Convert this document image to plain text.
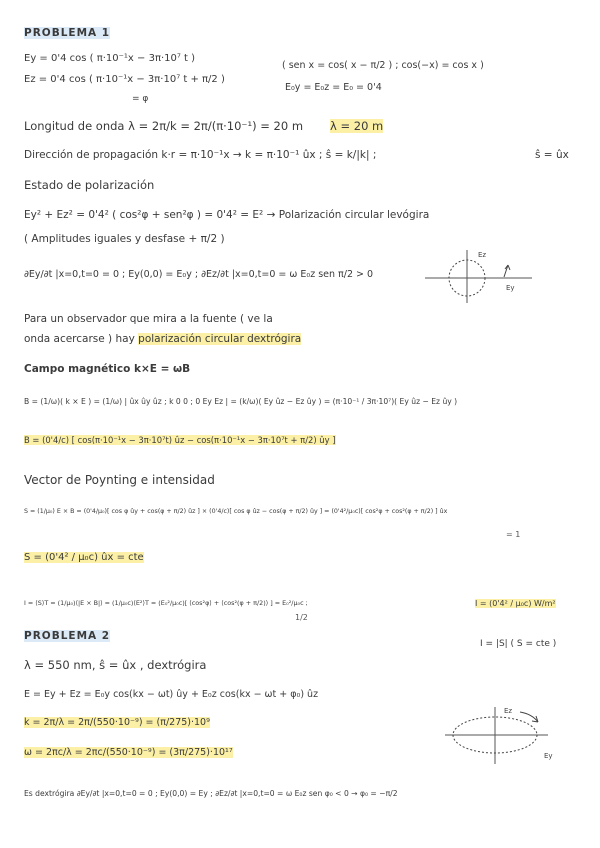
PROBLEMA 1
Ey = 0'4 cos ( π·10⁻¹x − 3π·10⁷ t )
Ez = 0'4 cos ( π·10⁻¹x − 3π·10⁷ t + π/2 )
= φ
( sen x = cos( x − π/2 ) ; cos(−x) = cos x )
E₀y = E₀z = E₀ = 0'4
Longitud de onda λ = 2π/k = 2π/(π·10⁻¹) = 20 m λ = 20 m
Dirección de propagación k·r = π·10⁻¹x → k = π·10⁻¹ ûx ; ŝ = k/|k| ;	ŝ = ûx
Estado de polarización
Ey² + Ez² = 0'4² ( cos²φ + sen²φ ) = 0'4² = E² → Polarización circular levógira
( Amplitudes iguales y desfase + π/2 )
∂Ey/∂t |x=0,t=0 = 0 ; Ey(0,0) = E₀y ; ∂Ez/∂t |x=0,t=0 = ω E₀z sen π/2 > 0
Ez
Ey
Para un observador que mira a la fuente ( ve la
onda acercarse ) hay polarización circular dextrógira
Campo magnético k×E = ωB
B = (1/ω)( k × E ) = (1/ω) | ûx ûy ûz ; k 0 0 ; 0 Ey Ez | = (k/ω)( Ey ûz − Ez ûy ) = (π·10⁻¹ / 3π·10⁷)( Ey ûz − Ez ûy )
B = (0'4/c) [ cos(π·10⁻¹x − 3π·10⁷t) ûz − cos(π·10⁻¹x − 3π·10⁷t + π/2) ûy ]
Vector de Poynting e intensidad
S = (1/μ₀) E × B = (0'4/μ₀)[ cos φ ûy + cos(φ + π/2) ûz ] × (0'4/c)[ cos φ ûz − cos(φ + π/2) ûy ] = (0'4²/μ₀c)[ cos²φ + cos²(φ + π/2) ] ûx
= 1
S = (0'4² / μ₀c) ûx = cte
I = ⟨S⟩T = (1/μ₀)⟨|E × B|⟩ = (1/μ₀c)⟨E²⟩T = (E₀²/μ₀c)[ ⟨cos²φ⟩ + ⟨cos²(φ + π/2)⟩ ] = E₀²/μ₀c ;
1/2
I = (0'4² / μ₀c) W/m²
I = |S| ( S = cte )
PROBLEMA 2
λ = 550 nm, ŝ = ûx , dextrógira
E = Ey + Ez = E₀y cos(kx − ωt) ûy + E₀z cos(kx − ωt + φ₀) ûz
k = 2π/λ = 2π/(550·10⁻⁹) = (π/275)·10⁹
ω = 2πc/λ = 2πc/(550·10⁻⁹) = (3π/275)·10¹⁷
Ez
Ey
Es dextrógira ∂Ey/∂t |x=0,t=0 = 0 ; Ey(0,0) = Ey ; ∂Ez/∂t |x=0,t=0 = ω E₀z sen φ₀ < 0 → φ₀ = −π/2
